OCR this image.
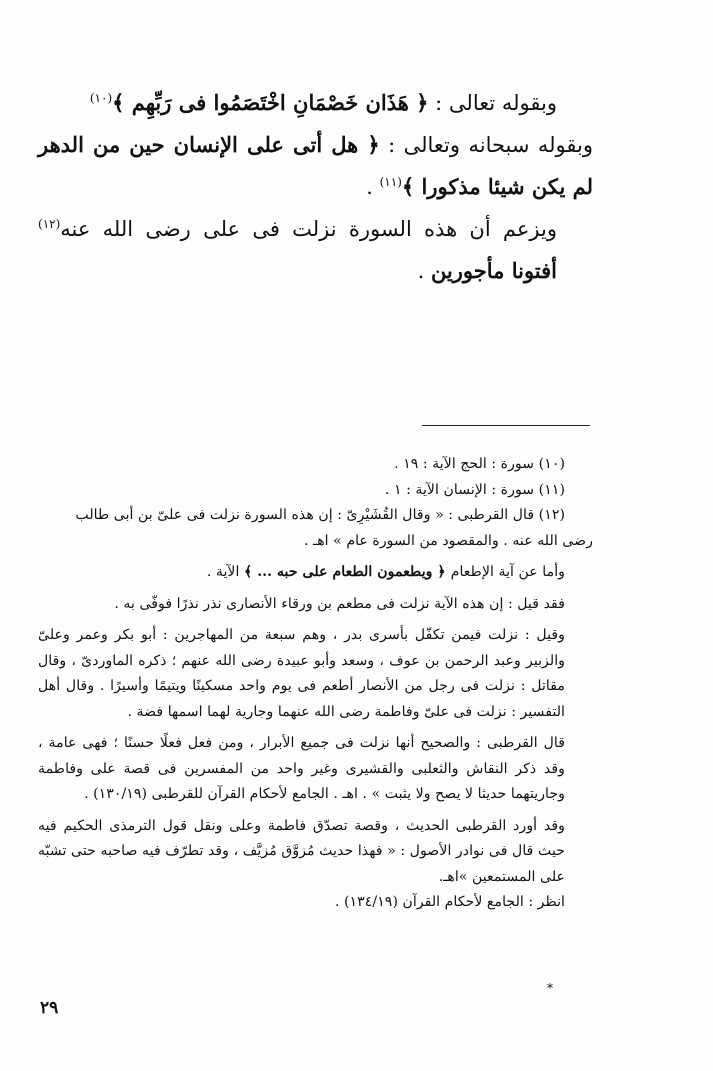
وبقوله تعالى : ﴿ هَذَان خَصْمَانِ اخْتَصَمُوا فى رَبِّهِم ﴾$^{(١٠)}$

وبقوله سبحانه وتعالى : ﴿ هل أتى على الإنسان حين من الدهر لم يكن شيئا مذكورا ﴾$^{(١١)}$ .

ويزعم أن هذه السورة نزلت فى على رضى الله عنه$^{(١٢)}$ أفتونا مأجورين .

(١٠) سورة : الحج الآية : ١٩ .

(١١) سورة : الإنسان الآية : ١ .

(١٢) قال القرطبى : « وقال القُشَيْرِىّ : إن هذه السورة نزلت فى علىّ بن أبى طالب

رضى الله عنه . والمقصود من السورة عام » اهـ .

وأما عن آية الإطعام ﴿ ويطعمون الطعام على حبه ... ﴾ الآية .

فقد قيل : إن هذه الآية نزلت فى مطعم بن ورقاء الأنصارى نذر نذرًا فوفّى به .

وقيل : نزلت فيمن تكفّل بأسرى بدر ، وهم سبعة من المهاجرين : أبو بكر وعمر وعلىّ والزبير وعبد الرحمن بن عوف ، وسعد وأبو عبيدة رضى الله عنهم ؛ ذكره الماوردىّ ، وقال مقاتل : نزلت فى رجل من الأنصار أطعم فى يوم واحد مسكينًا ويتيمًا وأسيرًا . وقال أهل التفسير : نزلت فى علىّ وفاطمة رضى الله عنهما وجارية لهما اسمها فضة .

قال القرطبى : والصحيح أنها نزلت فى جميع الأبرار ، ومن فعل فعلًا حسنًا ؛ فهى عامة ، وقد ذكر النقاش والثعلبى والقشيرى وغير واحد من المفسرين فى قصة على وفاطمة وجاريتهما حديثا لا يصح ولا يثبت » . اهـ . الجامع لأحكام القرآن للقرطبى (١٣٠/١٩) .

وقد أورد القرطبى الحديث ، وقصة تصدّق فاطمة وعلى ونقل قول الترمذى الحكيم فيه حيث قال فى نوادر الأصول : « فهذا حديث مُزوَّق مُزيَّف ، وقد تطرّف فيه صاحبه حتى تشبّه على المستمعين »اهـ.

انظر : الجامع لأحكام القرآن (١٣٤/١٩) .

*
٢٩
